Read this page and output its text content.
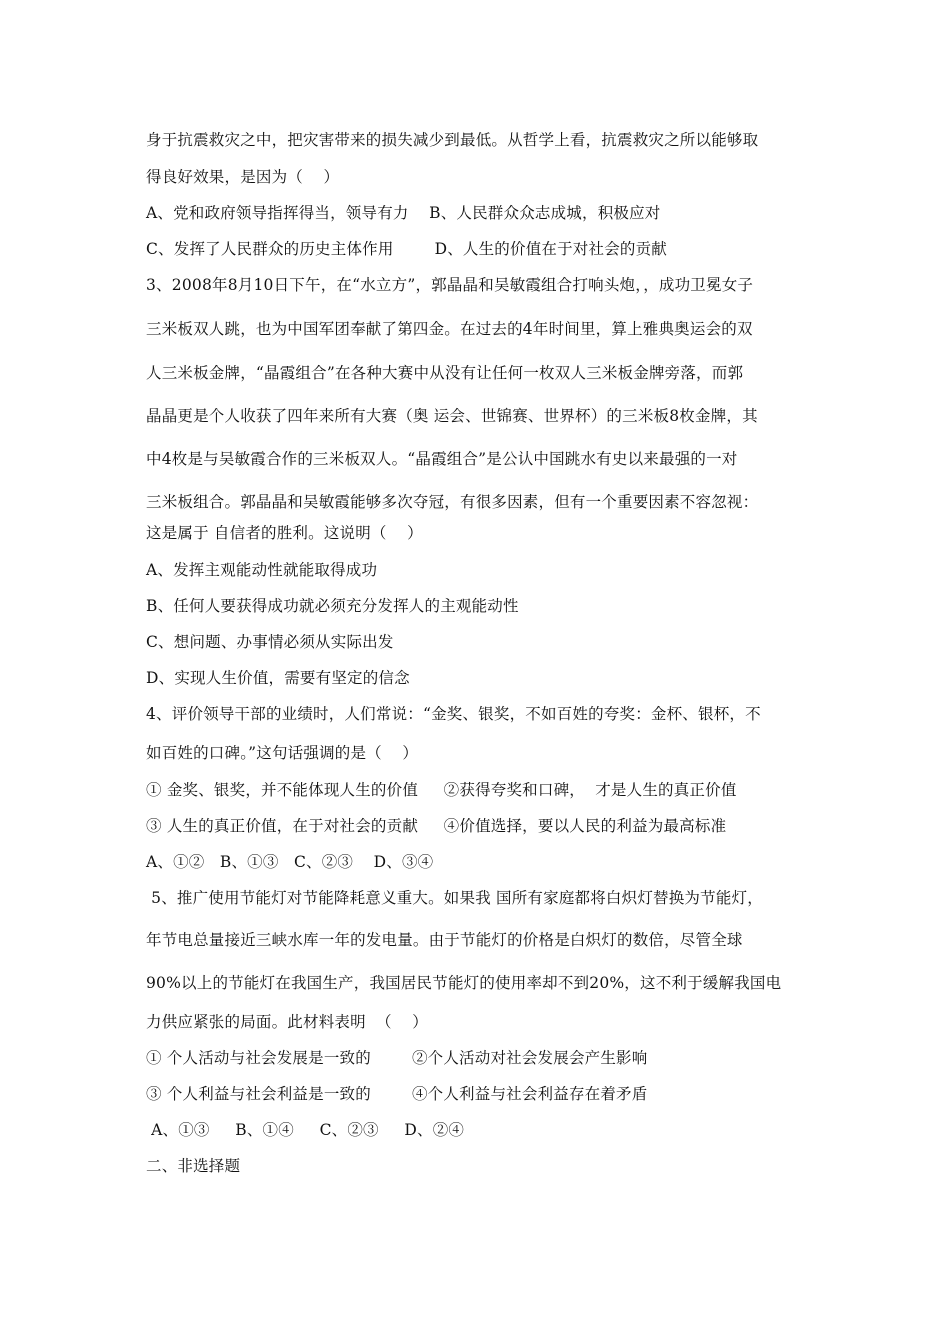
身于抗震救灾之中，把灾害带来的损失减少到最低。从哲学上看，抗震救灾之所以能够取
得良好效果，是因为（    ）
A、党和政府领导指挥得当，领导有力    B、人民群众众志成城，积极应对
C、发挥了人民群众的历史主体作用        D、人生的价值在于对社会的贡献
3、2008年8月10日下午，在“水立方”，郭晶晶和吴敏霞组合打响头炮，，成功卫冕女子
三米板双人跳，也为中国军团奉献了第四金。在过去的4年时间里，算上雅典奥运会的双
人三米板金牌，“晶霞组合”在各种大赛中从没有让任何一枚双人三米板金牌旁落，而郭
晶晶更是个人收获了四年来所有大赛（奥 运会、世锦赛、世界杯）的三米板8枚金牌，其
中4枚是与吴敏霞合作的三米板双人。“晶霞组合”是公认中国跳水有史以来最强的一对
三米板组合。郭晶晶和吴敏霞能够多次夺冠，有很多因素，但有一个重要因素不容忽视：
这是属于 自信者的胜利。这说明（    ）
A、发挥主观能动性就能取得成功
B、任何人要获得成功就必须充分发挥人的主观能动性
C、想问题、办事情必须从实际出发
D、实现人生价值，需要有坚定的信念
4、评价领导干部的业绩时，人们常说：“金奖、银奖，不如百姓的夸奖：金杯、银杯，不
如百姓的口碑。”这句话强调的是（    ）
① 金奖、银奖，并不能体现人生的价值     ②获得夸奖和口碑，  才是人生的真正价值
③ 人生的真正价值，在于对社会的贡献     ④价值选择，要以人民的利益为最高标准
A、①②   B、①③   C、②③    D、③④
5、推广使用节能灯对节能降耗意义重大。如果我 国所有家庭都将白炽灯替换为节能灯，
年节电总量接近三峡水库一年的发电量。由于节能灯的价格是白炽灯的数倍，尽管全球
90%以上的节能灯在我国生产，我国居民节能灯的使用率却不到20%，这不利于缓解我国电
力供应紧张的局面。此材料表明  （    ）
① 个人活动与社会发展是一致的        ②个人活动对社会发展会产生影响
③ 个人利益与社会利益是一致的        ④个人利益与社会利益存在着矛盾
A、①③     B、①④     C、②③     D、②④
二、非选择题
